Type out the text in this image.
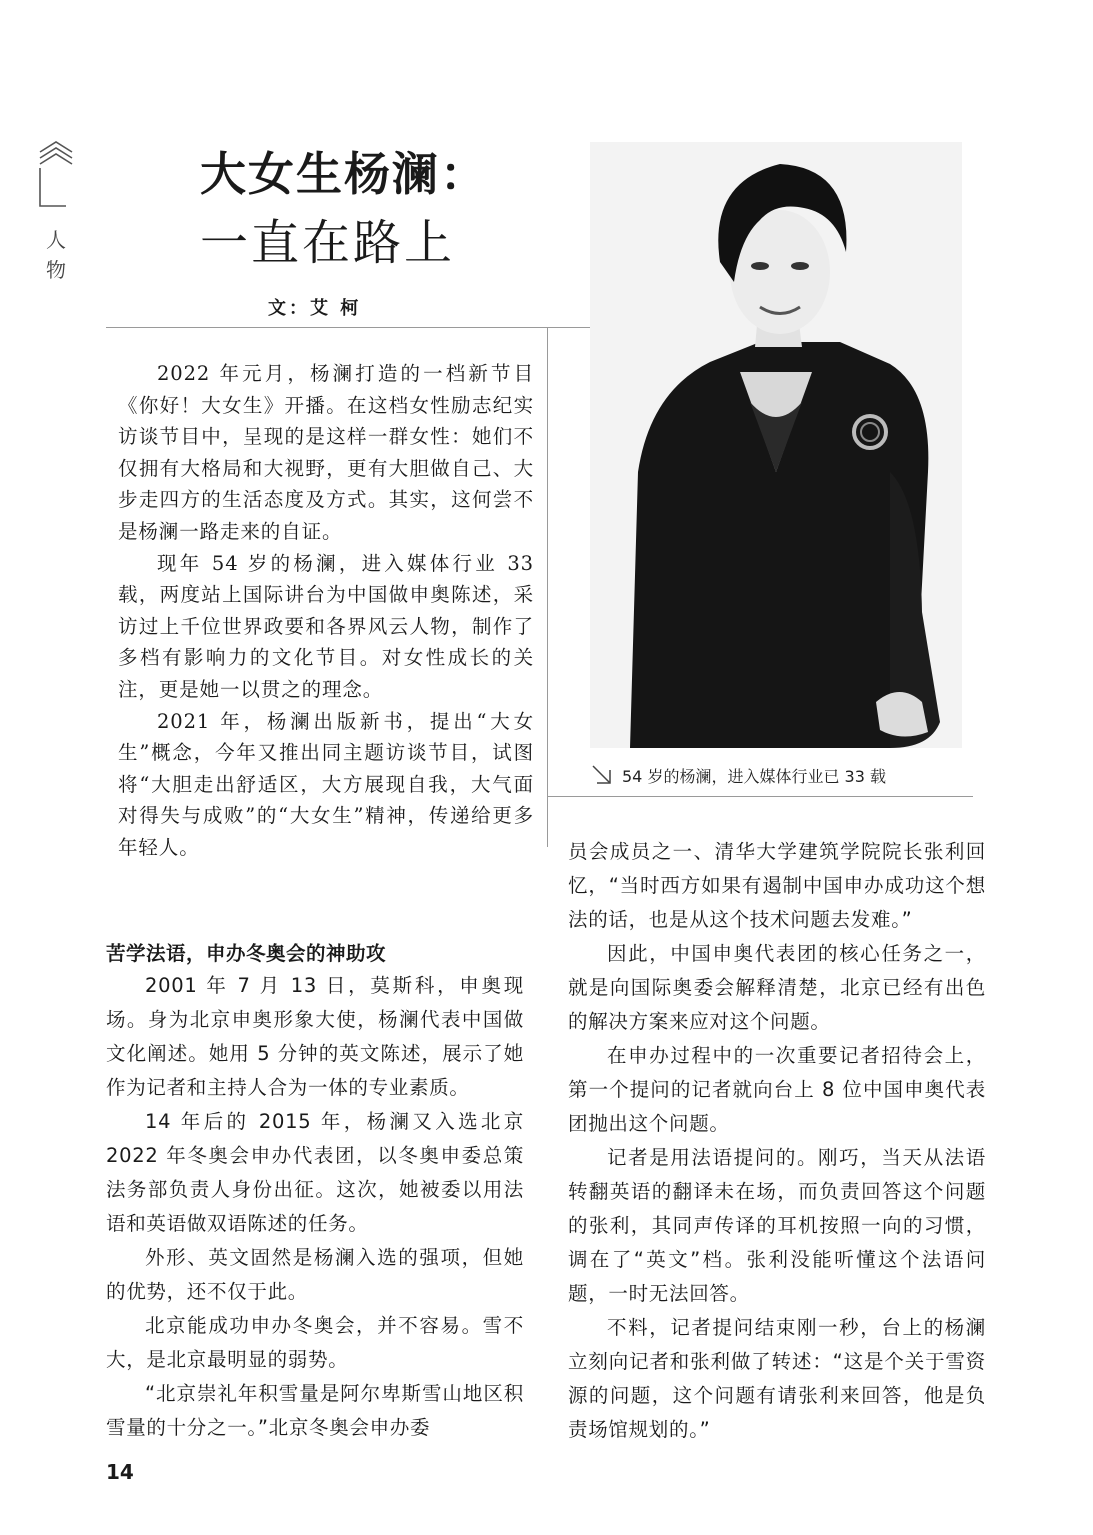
人
物
大女生杨澜：
一直在路上
文：艾 柯
54 岁的杨澜，进入媒体行业已 33 载

2022 年元月，杨澜打造的一档新节目《你好！大女生》开播。在这档女性励志纪实访谈节目中，呈现的是这样一群女性：她们不仅拥有大格局和大视野，更有大胆做自己、大步走四方的生活态度及方式。其实，这何尝不是杨澜一路走来的自证。

现年 54 岁的杨澜，进入媒体行业 33 载，两度站上国际讲台为中国做申奥陈述，采访过上千位世界政要和各界风云人物，制作了多档有影响力的文化节目。对女性成长的关注，更是她一以贯之的理念。

2021 年，杨澜出版新书，提出“大女生”概念，今年又推出同主题访谈节目，试图将“大胆走出舒适区，大方展现自我，大气面对得失与成败”的“大女生”精神，传递给更多年轻人。

苦学法语，申办冬奥会的神助攻

2001 年 7 月 13 日，莫斯科，申奥现场。身为北京申奥形象大使，杨澜代表中国做文化阐述。她用 5 分钟的英文陈述，展示了她作为记者和主持人合为一体的专业素质。

14 年后的 2015 年，杨澜又入选北京 2022 年冬奥会申办代表团，以冬奥申委总策法务部负责人身份出征。这次，她被委以用法语和英语做双语陈述的任务。

外形、英文固然是杨澜入选的强项，但她的优势，还不仅于此。

北京能成功申办冬奥会，并不容易。雪不大，是北京最明显的弱势。

“北京崇礼年积雪量是阿尔卑斯雪山地区积雪量的十分之一。”北京冬奥会申办委

员会成员之一、清华大学建筑学院院长张利回忆，“当时西方如果有遏制中国申办成功这个想法的话，也是从这个技术问题去发难。”

因此，中国申奥代表团的核心任务之一，就是向国际奥委会解释清楚，北京已经有出色的解决方案来应对这个问题。

在申办过程中的一次重要记者招待会上，第一个提问的记者就向台上 8 位中国申奥代表团抛出这个问题。

记者是用法语提问的。刚巧，当天从法语转翻英语的翻译未在场，而负责回答这个问题的张利，其同声传译的耳机按照一向的习惯，调在了“英文”档。张利没能听懂这个法语问题，一时无法回答。

不料，记者提问结束刚一秒，台上的杨澜立刻向记者和张利做了转述：“这是个关于雪资源的问题，这个问题有请张利来回答，他是负责场馆规划的。”

14
